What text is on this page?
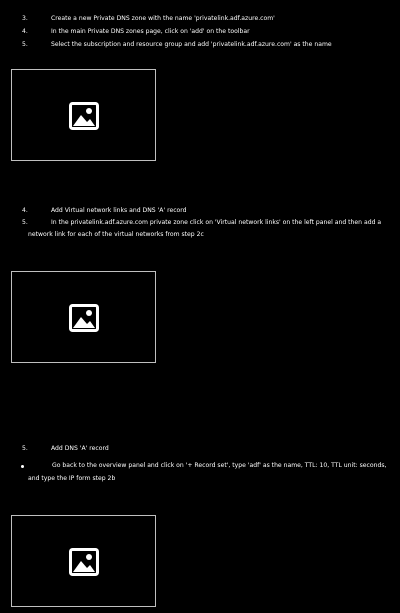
3.	Create a new Private DNS zone with the name 'privatelink.adf.azure.com'
4.	In the main Private DNS zones page, click on 'add' on the toolbar
5.	Select the subscription and resource group and add 'privatelink.adf.azure.com' as the name
4.	Add Virtual network links and DNS 'A' record
5.	In the privatelink.adf.azure.com private zone click on 'Virtual network links' on the left panel and then add a
network link for each of the virtual networks from step 2c
5.	Add DNS 'A' record
Go back to the overview panel and click on '+ Record set', type 'adf' as the name, TTL: 10, TTL unit: seconds,
and type the IP form step 2b
